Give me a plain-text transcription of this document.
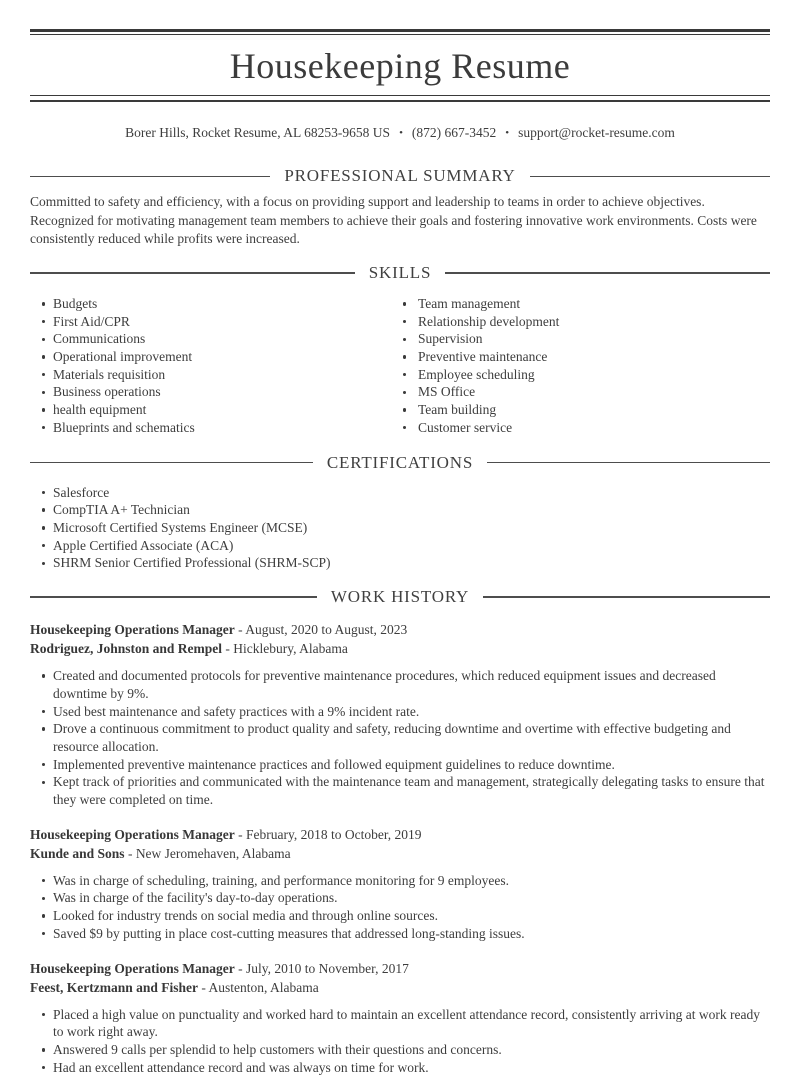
Housekeeping Resume
Borer Hills, Rocket Resume, AL 68253-9658 US • (872) 667-3452 • support@rocket-resume.com
PROFESSIONAL SUMMARY

Committed to safety and efficiency, with a focus on providing support and leadership to teams in order to achieve objectives. Recognized for motivating management team members to achieve their goals and fostering innovative work environments. Costs were consistently reduced while profits were increased.

SKILLS
Budgets
First Aid/CPR
Communications
Operational improvement
Materials requisition
Business operations
health equipment
Blueprints and schematics
Team management
Relationship development
Supervision
Preventive maintenance
Employee scheduling
MS Office
Team building
Customer service
CERTIFICATIONS
Salesforce
CompTIA A+ Technician
Microsoft Certified Systems Engineer (MCSE)
Apple Certified Associate (ACA)
SHRM Senior Certified Professional (SHRM-SCP)
WORK HISTORY
Housekeeping Operations Manager - August, 2020 to August, 2023
Rodriguez, Johnston and Rempel - Hicklebury, Alabama
Created and documented protocols for preventive maintenance procedures, which reduced equipment issues and decreased downtime by 9%.
Used best maintenance and safety practices with a 9% incident rate.
Drove a continuous commitment to product quality and safety, reducing downtime and overtime with effective budgeting and resource allocation.
Implemented preventive maintenance practices and followed equipment guidelines to reduce downtime.
Kept track of priorities and communicated with the maintenance team and management, strategically delegating tasks to ensure that they were completed on time.
Housekeeping Operations Manager - February, 2018 to October, 2019
Kunde and Sons - New Jeromehaven, Alabama
Was in charge of scheduling, training, and performance monitoring for 9 employees.
Was in charge of the facility's day-to-day operations.
Looked for industry trends on social media and through online sources.
Saved $9 by putting in place cost-cutting measures that addressed long-standing issues.
Housekeeping Operations Manager - July, 2010 to November, 2017
Feest, Kertzmann and Fisher - Austenton, Alabama
Placed a high value on punctuality and worked hard to maintain an excellent attendance record, consistently arriving at work ready to work right away.
Answered 9 calls per splendid to help customers with their questions and concerns.
Had an excellent attendance record and was always on time for work.
